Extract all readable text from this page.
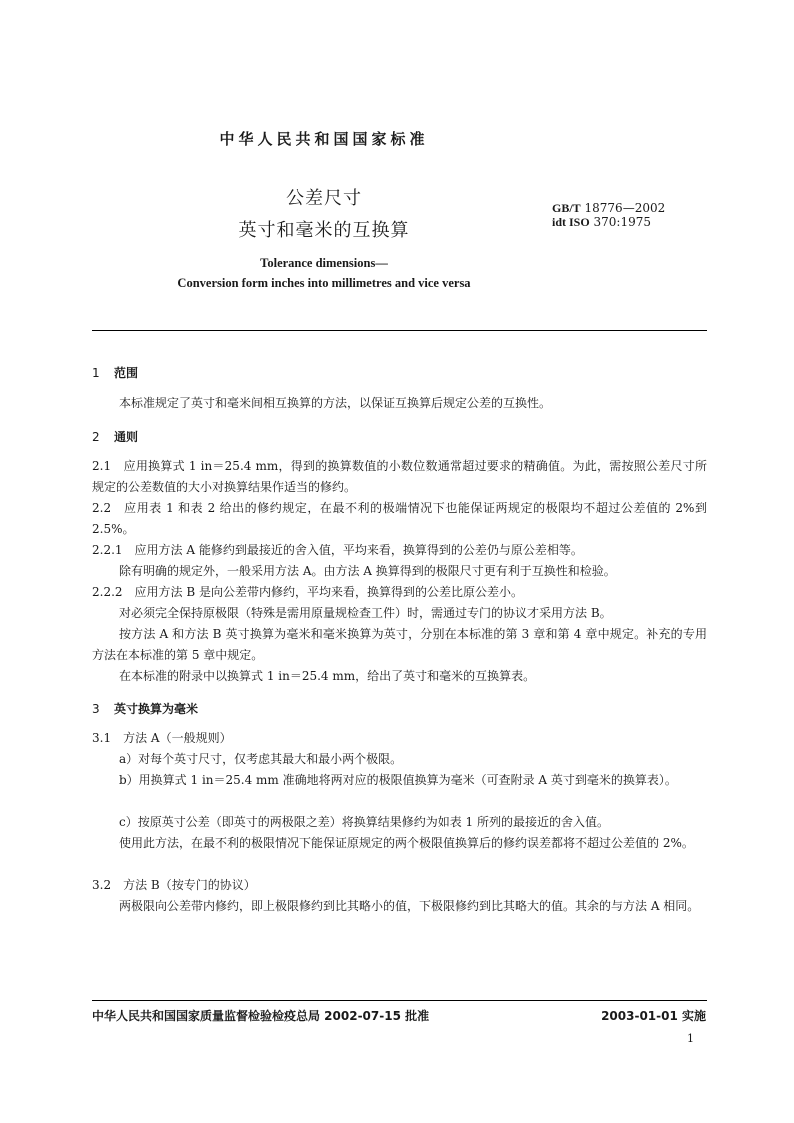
中华人民共和国国家标准
公差尺寸
英寸和毫米的互换算
GB/T 18776—2002
idt ISO 370:1975
Tolerance dimensions—
Conversion form inches into millimetres and vice versa
1 范围
本标准规定了英寸和毫米间相互换算的方法，以保证互换算后规定公差的互换性。
2 通则
2.1　应用换算式 1 in＝25.4 mm，得到的换算数值的小数位数通常超过要求的精确值。为此，需按照公差尺寸所规定的公差数值的大小对换算结果作适当的修约。
2.2　应用表 1 和表 2 给出的修约规定，在最不利的极端情况下也能保证两规定的极限均不超过公差值的 2%到 2.5%。
2.2.1　应用方法 A 能修约到最接近的舍入值，平均来看，换算得到的公差仍与原公差相等。
除有明确的规定外，一般采用方法 A。由方法 A 换算得到的极限尺寸更有利于互换性和检验。
2.2.2　应用方法 B 是向公差带内修约，平均来看，换算得到的公差比原公差小。
对必须完全保持原极限（特殊是需用原量规检查工件）时，需通过专门的协议才采用方法 B。
按方法 A 和方法 B 英寸换算为毫米和毫米换算为英寸，分别在本标准的第 3 章和第 4 章中规定。补充的专用方法在本标准的第 5 章中规定。
在本标准的附录中以换算式 1 in＝25.4 mm，给出了英寸和毫米的互换算表。
3 英寸换算为毫米
3.1　方法 A（一般规则）
a）对每个英寸尺寸，仅考虑其最大和最小两个极限。
b）用换算式 1 in＝25.4 mm 准确地将两对应的极限值换算为毫米（可查附录 A 英寸到毫米的换算表）。
c）按原英寸公差（即英寸的两极限之差）将换算结果修约为如表 1 所列的最接近的舍入值。
使用此方法，在最不利的极限情况下能保证原规定的两个极限值换算后的修约误差都将不超过公差值的 2%。
3.2　方法 B（按专门的协议）
两极限向公差带内修约，即上极限修约到比其略小的值，下极限修约到比其略大的值。其余的与方法 A 相同。
中华人民共和国国家质量监督检验检疫总局 2002-07-15 批准	2003-01-01 实施
1
